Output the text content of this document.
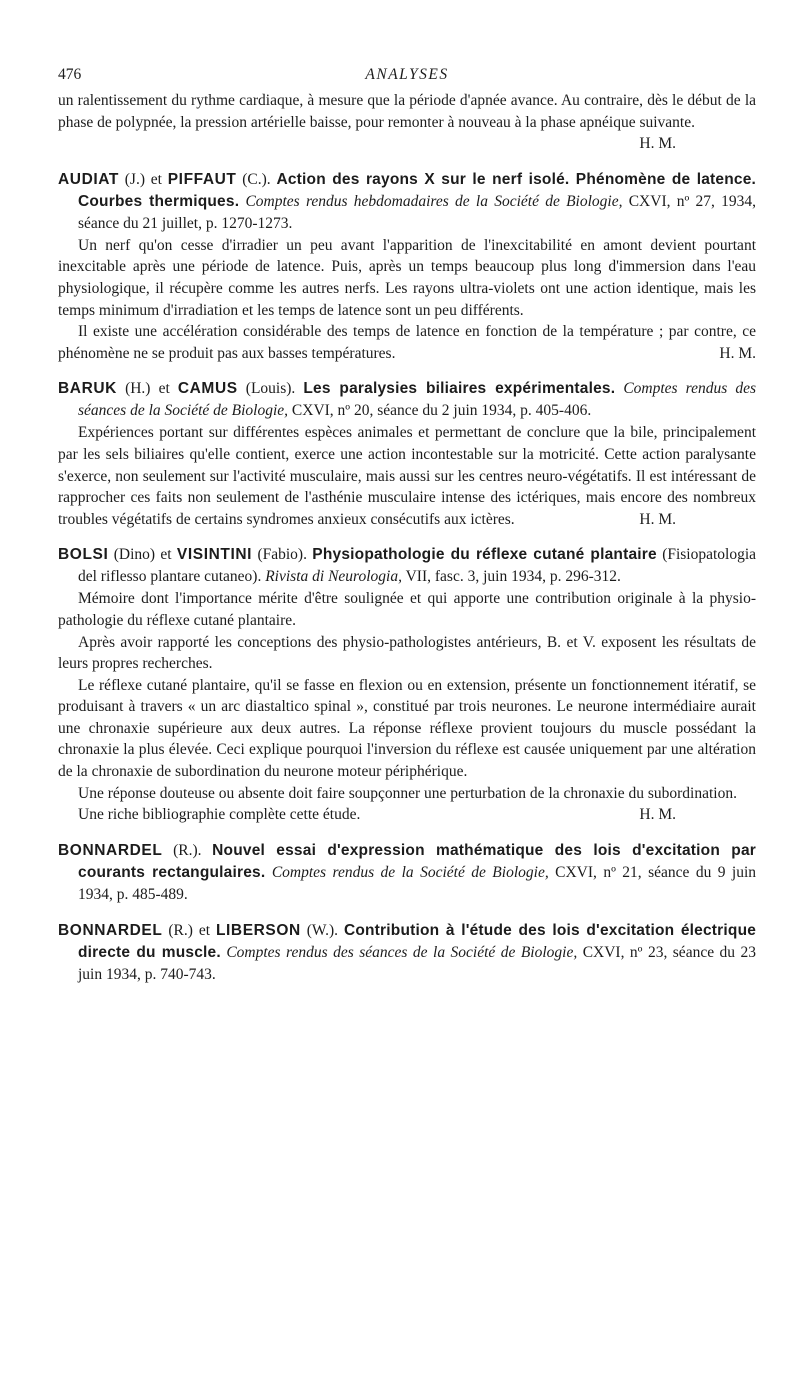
476	ANALYSES

un ralentissement du rythme cardiaque, à mesure que la période d'apnée avance. Au contraire, dès le début de la phase de polypnée, la pression artérielle baisse, pour remonter à nouveau à la phase apnéique suivante.
H. M.

AUDIAT (J.) et PIFFAUT (C.). Action des rayons X sur le nerf isolé. Phénomène de latence. Courbes thermiques. Comptes rendus hebdomadaires de la Société de Biologie, CXVI, nº 27, 1934, séance du 21 juillet, p. 1270-1273.

Un nerf qu'on cesse d'irradier un peu avant l'apparition de l'inexcitabilité en amont devient pourtant inexcitable après une période de latence. Puis, après un temps beaucoup plus long d'immersion dans l'eau physiologique, il récupère comme les autres nerfs. Les rayons ultra-violets ont une action identique, mais les temps minimum d'irradiation et les temps de latence sont un peu différents.

Il existe une accélération considérable des temps de latence en fonction de la température ; par contre, ce phénomène ne se produit pas aux basses températures.	H. M.

BARUK (H.) et CAMUS (Louis). Les paralysies biliaires expérimentales. Comptes rendus des séances de la Société de Biologie, CXVI, nº 20, séance du 2 juin 1934, p. 405-406.

Expériences portant sur différentes espèces animales et permettant de conclure que la bile, principalement par les sels biliaires qu'elle contient, exerce une action incontestable sur la motricité. Cette action paralysante s'exerce, non seulement sur l'activité musculaire, mais aussi sur les centres neuro-végétatifs. Il est intéressant de rapprocher ces faits non seulement de l'asthénie musculaire intense des ictériques, mais encore des nombreux troubles végétatifs de certains syndromes anxieux consécutifs aux ictères.	H. M.

BOLSI (Dino) et VISINTINI (Fabio). Physiopathologie du réflexe cutané plantaire (Fisiopatologia del riflesso plantare cutaneo). Rivista di Neurologia, VII, fasc. 3, juin 1934, p. 296-312.

Mémoire dont l'importance mérite d'être soulignée et qui apporte une contribution originale à la physio-pathologie du réflexe cutané plantaire.

Après avoir rapporté les conceptions des physio-pathologistes antérieurs, B. et V. exposent les résultats de leurs propres recherches.

Le réflexe cutané plantaire, qu'il se fasse en flexion ou en extension, présente un fonctionnement itératif, se produisant à travers « un arc diastaltico spinal », constitué par trois neurones. Le neurone intermédiaire aurait une chronaxie supérieure aux deux autres. La réponse réflexe provient toujours du muscle possédant la chronaxie la plus élevée. Ceci explique pourquoi l'inversion du réflexe est causée uniquement par une altération de la chronaxie de subordination du neurone moteur périphérique.

Une réponse douteuse ou absente doit faire soupçonner une perturbation de la chronaxie du subordination.

Une riche bibliographie complète cette étude.	H. M.

BONNARDEL (R.). Nouvel essai d'expression mathématique des lois d'excitation par courants rectangulaires. Comptes rendus de la Société de Biologie, CXVI, nº 21, séance du 9 juin 1934, p. 485-489.

BONNARDEL (R.) et LIBERSON (W.). Contribution à l'étude des lois d'excitation électrique directe du muscle. Comptes rendus des séances de la Société de Biologie, CXVI, nº 23, séance du 23 juin 1934, p. 740-743.
